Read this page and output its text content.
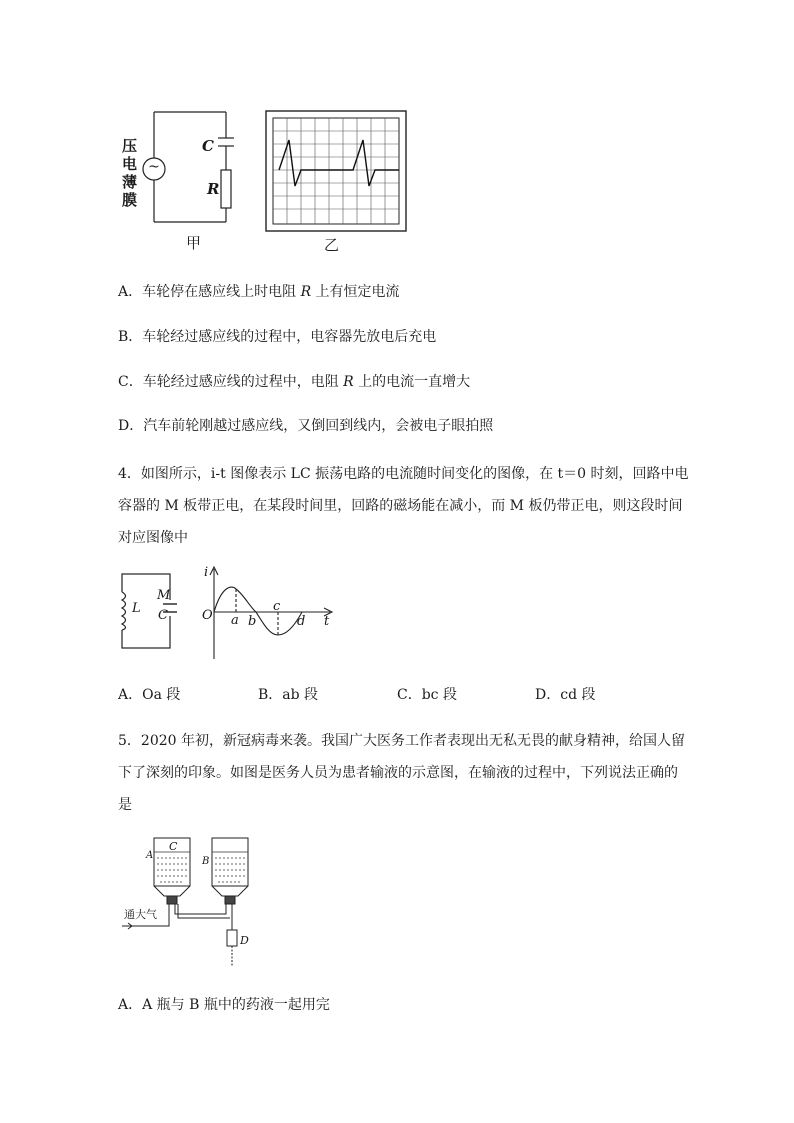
压
电
薄
膜
~
C
R
甲	乙
A．车轮停在感应线上时电阻 R 上有恒定电流
B．车轮经过感应线的过程中，电容器先放电后充电
C．车轮经过感应线的过程中，电阻 R 上的电流一直增大
D．汽车前轮刚越过感应线，又倒回到线内，会被电子眼拍照
4．如图所示，i-t 图像表示 LC 振荡电路的电流随时间变化的图像，在 t＝0 时刻，回路中电
容器的 M 板带正电，在某段时间里，回路的磁场能在减小，而 M 板仍带正电，则这段时间
对应图像中
L
M
C
i
t
O a b
c
d
A．Oa 段	B．ab 段	C．bc 段	D．cd 段
5．2020 年初，新冠病毒来袭。我国广大医务工作者表现出无私无畏的献身精神，给国人留
下了深刻的印象。如图是医务人员为患者输液的示意图，在输液的过程中，下列说法正确的
是
A
C
B
D
通大气
A．A 瓶与 B 瓶中的药液一起用完
